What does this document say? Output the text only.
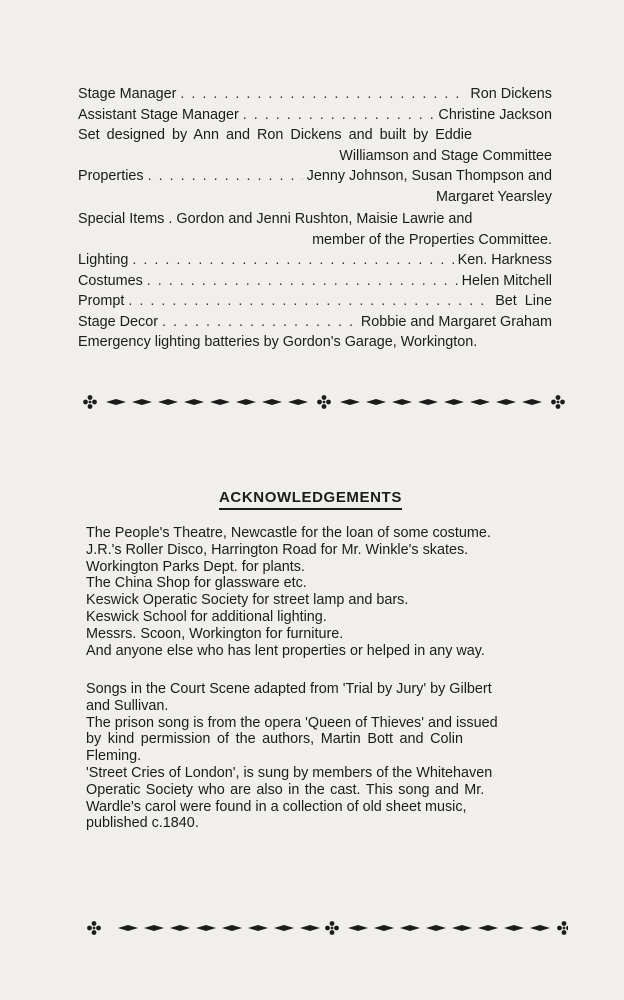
Stage Manager . . .	Ron Dickens
Assistant Stage Manager . . .	Christine Jackson
Set designed by Ann and Ron Dickens and built by Eddie
Williamson and Stage Committee
Properties . . .	Jenny Johnson, Susan Thompson and
Margaret Yearsley
Special Items . Gordon and Jenni Rushton, Maisie Lawrie and
member of the Properties Committee.
Lighting . . .	Ken. Harkness
Costumes . . .	Helen Mitchell
Prompt . . .	Bet  Line
Stage Decor . . .	Robbie and Margaret Graham
Emergency lighting batteries by Gordon's Garage, Workington.
ACKNOWLEDGEMENTS

The People's Theatre, Newcastle for the loan of some costume.

J.R.'s Roller Disco, Harrington Road for Mr. Winkle's skates.

Workington Parks Dept. for plants.

The China Shop for glassware etc.

Keswick Operatic Society for street lamp and bars.

Keswick School for additional lighting.

Messrs. Scoon, Workington for furniture.

And anyone else who has lent properties or helped in any way.

Songs in the Court Scene adapted from 'Trial by Jury' by Gilbert
and Sullivan.

The prison song is from the opera 'Queen of Thieves' and issued
by kind permission of the authors, Martin Bott and Colin
Fleming.

'Street Cries of London', is sung by members of the Whitehaven
Operatic Society who are also in the cast. This song and Mr.
Wardle's carol were found in a collection of old sheet music,
published c.1840.
